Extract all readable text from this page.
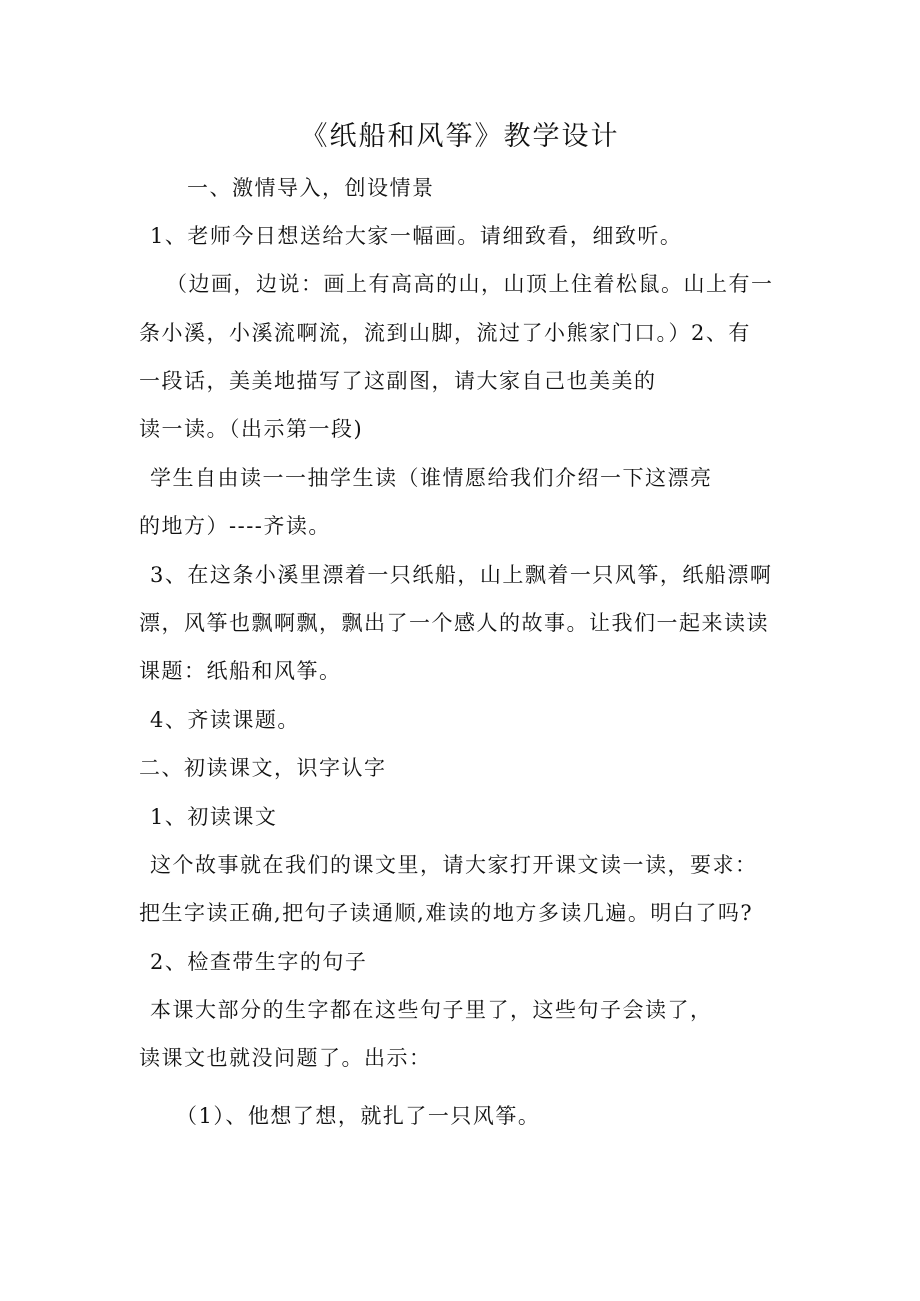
《纸船和风筝》教学设计
一、激情导入，创设情景
1、老师今日想送给大家一幅画。请细致看，细致听。
（边画，边说：画上有高高的山，山顶上住着松鼠。山上有一
条小溪，小溪流啊流，流到山脚，流过了小熊家门口。）2、有
一段话，美美地描写了这副图，请大家自己也美美的
读一读。（出示第一段)
学生自由读一一抽学生读（谁情愿给我们介绍一下这漂亮
的地方）----齐读。
3、在这条小溪里漂着一只纸船，山上飘着一只风筝，纸船漂啊
漂，风筝也飘啊飘，飘出了一个感人的故事。让我们一起来读读
课题：纸船和风筝。
4、齐读课题。
二、初读课文，识字认字
1、初读课文
这个故事就在我们的课文里，请大家打开课文读一读，要求：
把生字读正确,把句子读通顺,难读的地方多读几遍。明白了吗?
2、检查带生字的句子
本课大部分的生字都在这些句子里了，这些句子会读了，
读课文也就没问题了。出示：
（1）、他想了想，就扎了一只风筝。
